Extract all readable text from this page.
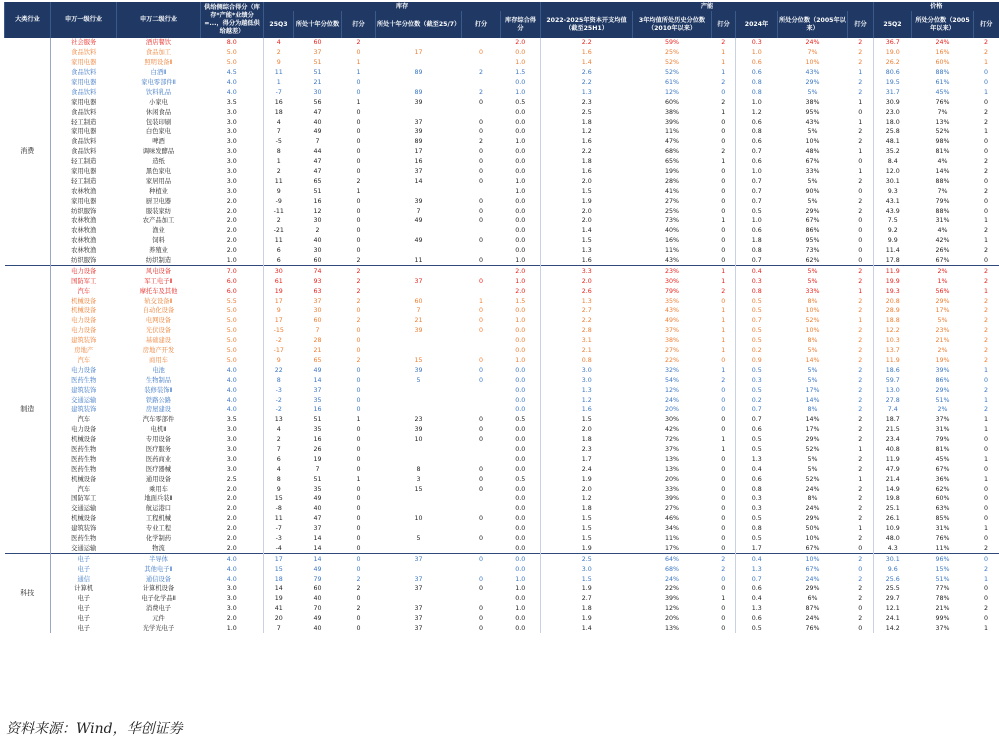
大类行业	申万一级行业	申万二级行业	供给侧综合得分（库存*产能*业绩分=...，得分为越低供给越差）	库存						产能						价格		
				25Q3	所处十年分位数	打分	所处十年分位数（截至25/7）	打分	库存综合得分	2022-2025年资本开支均值（截至25H1）	3年均值所处历史分位数（2010年以来）	打分	2024年	所处分位数（2005年以来）	打分	25Q2	所处分位数（2005年以来）	打分
消费	社会服务	酒店餐饮	8.0	4	60	2			2.0	2.2	59%	2	0.3	24%	2	36.7	24%	2
	食品饮料	食品加工	5.0	2	37	0	17	0	0.0	1.6	25%	1	1.0	7%	2	19.0	16%	2
	家用电器	照明设备Ⅱ	5.0	9	51	1			1.0	1.4	52%	1	0.6	10%	2	26.2	60%	1
	食品饮料	白酒Ⅱ	4.5	11	51	1	89	2	1.5	2.6	52%	1	0.6	43%	1	80.6	88%	0
	家用电器	家电零部件Ⅱ	4.0	1	21	0			0.0	2.2	61%	2	0.8	29%	2	19.5	61%	0
	食品饮料	饮料乳品	4.0	-7	30	0	89	2	1.0	1.3	12%	0	0.8	5%	2	31.7	45%	1
	家用电器	小家电	3.5	16	56	1	39	0	0.5	2.3	60%	2	1.0	38%	1	30.9	76%	0
	食品饮料	休闲食品	3.0	18	47	0			0.0	2.5	38%	1	1.2	95%	0	23.0	7%	2
	轻工制造	包装印刷	3.0	4	40	0	37	0	0.0	1.8	39%	0	0.6	43%	1	18.0	13%	2
	家用电器	白色家电	3.0	7	49	0	39	0	0.0	1.2	11%	0	0.8	5%	2	25.8	52%	1
	食品饮料	啤酒	3.0	-5	7	0	89	2	1.0	1.6	47%	0	0.6	10%	2	48.1	98%	0
	食品饮料	调味发酵品	3.0	8	44	0	17	0	0.0	2.2	68%	2	0.7	48%	1	35.2	81%	0
	轻工制造	造纸	3.0	1	47	0	16	0	0.0	1.8	65%	1	0.6	67%	0	8.4	4%	2
	家用电器	黑色家电	3.0	2	47	0	37	0	0.0	1.6	19%	0	1.0	33%	1	12.0	14%	2
	轻工制造	家居用品	3.0	11	65	2	14	0	1.0	2.0	28%	0	0.7	5%	2	30.1	88%	0
	农林牧渔	种植业	3.0	9	51	1			1.0	1.5	41%	0	0.7	90%	0	9.3	7%	2
	家用电器	厨卫电器	2.0	-9	16	0	39	0	0.0	1.9	27%	0	0.7	5%	2	43.1	79%	0
	纺织服饰	服装家纺	2.0	-11	12	0	7	0	0.0	2.0	25%	0	0.5	29%	2	43.9	88%	0
	农林牧渔	农产品加工	2.0	2	30	0	49	0	0.0	2.0	73%	1	1.0	67%	0	7.5	31%	1
	农林牧渔	渔业	2.0	-21	2	0			0.0	1.4	40%	0	0.6	86%	0	9.2	4%	2
	农林牧渔	饲料	2.0	11	40	0	49	0	0.0	1.5	16%	0	1.8	95%	0	9.9	42%	1
	农林牧渔	养殖业	2.0	6	30	0			0.0	1.3	11%	0	0.8	73%	0	11.4	26%	2
	纺织服饰	纺织制造	1.0	6	60	2	11	0	1.0	1.6	43%	0	0.7	62%	0	17.8	67%	0
制造	电力设备	风电设备	7.0	30	74	2			2.0	3.3	23%	1	0.4	5%	2	11.9	2%	2
	国防军工	军工电子Ⅱ	6.0	61	93	2	37	0	1.0	2.0	30%	1	0.3	5%	2	19.9	1%	2
	汽车	摩托车及其他	6.0	19	63	2			2.0	2.6	79%	2	0.8	33%	1	19.3	56%	1
	机械设备	轨交设备Ⅱ	5.5	17	37	2	60	1	1.5	1.3	35%	0	0.5	8%	2	20.8	29%	2
	机械设备	自动化设备	5.0	9	30	0	7	0	0.0	2.7	43%	1	0.5	10%	2	28.9	17%	2
	电力设备	电网设备	5.0	17	60	2	21	0	1.0	2.2	49%	1	0.7	52%	1	18.8	5%	2
	电力设备	光伏设备	5.0	-15	7	0	39	0	0.0	2.8	37%	1	0.5	10%	2	12.2	23%	2
	建筑装饰	基础建设	5.0	-2	28	0			0.0	3.1	38%	1	0.5	8%	2	10.3	21%	2
	房地产	房地产开发	5.0	-17	21	0			0.0	2.1	27%	1	0.2	5%	2	13.7	2%	2
	汽车	商用车	5.0	9	65	2	15	0	1.0	0.8	22%	0	0.9	14%	2	11.9	19%	2
	电力设备	电池	4.0	22	49	0	39	0	0.0	3.0	32%	1	0.5	5%	2	18.6	39%	1
	医药生物	生物制品	4.0	8	14	0	5	0	0.0	3.0	54%	2	0.3	5%	2	59.7	86%	0
	建筑装饰	装修装饰Ⅱ	4.0	-3	37	0			0.0	1.3	12%	0	0.5	17%	2	13.0	29%	2
	交通运输	铁路公路	4.0	-2	35	0			0.0	1.2	24%	0	0.2	14%	2	27.8	51%	1
	建筑装饰	房屋建设	4.0	-2	16	0			0.0	1.6	20%	0	0.7	8%	2	7.4	2%	2
	汽车	汽车零部件	3.5	13	51	1	23	0	0.5	1.5	30%	0	0.7	14%	2	18.7	37%	1
	电力设备	电机Ⅱ	3.0	4	35	0	39	0	0.0	2.0	42%	0	0.6	17%	2	21.5	31%	1
	机械设备	专用设备	3.0	2	16	0	10	0	0.0	1.8	72%	1	0.5	29%	2	23.4	79%	0
	医药生物	医疗服务	3.0	7	26	0			0.0	2.3	37%	1	0.5	52%	1	40.8	81%	0
	医药生物	医药商业	3.0	6	19	0			0.0	1.7	13%	0	1.3	5%	2	11.9	45%	1
	医药生物	医疗器械	3.0	4	7	0	8	0	0.0	2.4	13%	0	0.4	5%	2	47.9	67%	0
	机械设备	通用设备	2.5	8	51	1	3	0	0.5	1.9	20%	0	0.6	52%	1	21.4	36%	1
	汽车	乘用车	2.0	9	35	0	15	0	0.0	2.0	33%	0	0.8	24%	2	14.9	62%	0
	国防军工	地面兵装Ⅱ	2.0	15	49	0			0.0	1.2	39%	0	0.3	8%	2	19.8	60%	0
	交通运输	航运港口	2.0	-8	40	0			0.0	1.8	27%	0	0.3	24%	2	25.1	63%	0
	机械设备	工程机械	2.0	11	47	0	10	0	0.0	1.5	46%	0	0.5	29%	2	26.1	85%	0
	建筑装饰	专业工程	2.0	-7	37	0			0.0	1.5	34%	0	0.8	50%	1	10.9	31%	1
	医药生物	化学制药	2.0	-3	14	0	5	0	0.0	1.5	11%	0	0.5	10%	2	48.0	76%	0
	交通运输	物流	2.0	-4	14	0			0.0	1.9	17%	0	1.7	67%	0	4.3	11%	2
科技	电子	半导体	4.0	17	14	0	37	0	0.0	2.5	64%	2	0.4	10%	2	30.1	96%	0
	电子	其他电子Ⅱ	4.0	15	49	0			0.0	3.0	68%	2	1.3	67%	0	9.6	15%	2
	通信	通信设备	4.0	18	79	2	37	0	1.0	1.5	24%	0	0.7	24%	2	25.6	51%	1
	计算机	计算机设备	3.0	14	60	2	37	0	1.0	1.9	22%	0	0.6	29%	2	25.5	77%	0
	电子	电子化学品Ⅱ	3.0	19	40	0			0.0	2.7	39%	1	0.4	6%	2	29.7	78%	0
	电子	消费电子	3.0	41	70	2	37	0	1.0	1.8	12%	0	1.3	87%	0	12.1	21%	2
	电子	元件	2.0	20	49	0	37	0	0.0	1.9	20%	0	0.6	24%	2	24.1	99%	0
	电子	光学光电子	1.0	7	40	0	37	0	0.0	1.4	13%	0	0.5	76%	0	14.2	37%	1
资料来源：Wind，华创证券
